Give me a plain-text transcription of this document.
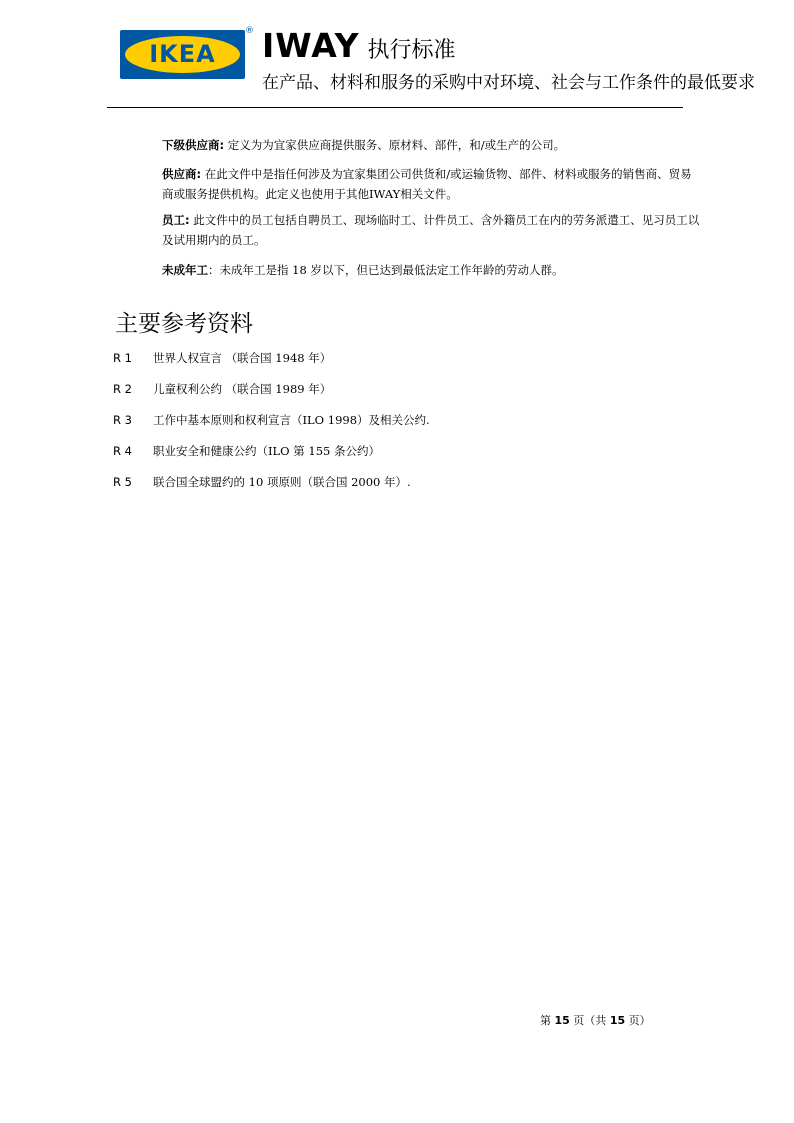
IKEA
® IWAY 执行标准
在产品、材料和服务的采购中对环境、社会与工作条件的最低要求

下级供应商: 定义为为宜家供应商提供服务、原材料、部件，和/或生产的公司。

供应商: 在此文件中是指任何涉及为宜家集团公司供货和/或运输货物、部件、材料或服务的销售商、贸易商或服务提供机构。此定义也使用于其他IWAY相关文件。

员工: 此文件中的员工包括自聘员工、现场临时工、计件员工、含外籍员工在内的劳务派遣工、见习员工以及试用期内的员工。

未成年工：未成年工是指 18 岁以下，但已达到最低法定工作年龄的劳动人群。

主要参考资料
R 1 世界人权宣言 （联合国 1948 年）
R 2 儿童权利公约 （联合国 1989 年）
R 3 工作中基本原则和权利宣言（ILO 1998）及相关公约.
R 4 职业安全和健康公约（ILO 第 155 条公约）
R 5 联合国全球盟约的 10 项原则（联合国 2000 年）.
第 15 页（共 15 页）
